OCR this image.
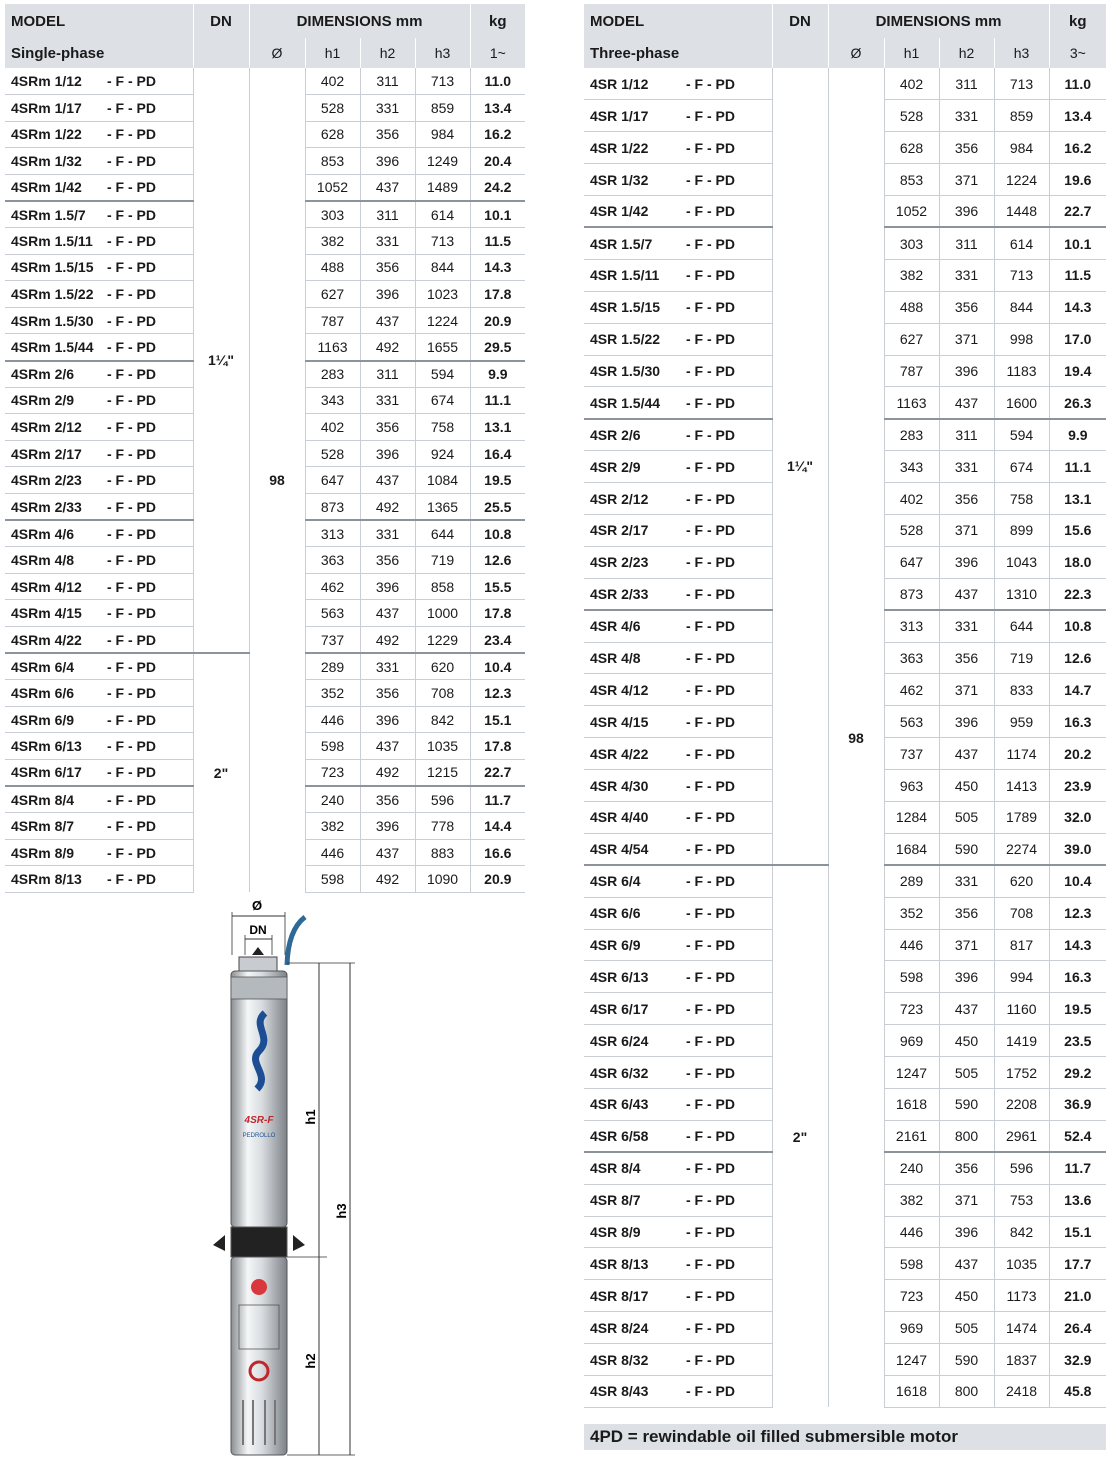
MODEL	DN	DIMENSIONS mm				kg
Single-phase		Ø	h1	h2	h3	1~
4SRm 1/12 - F - PD	1¼"	98	402	311	713	11.0
4SRm 1/17 - F - PD			528	331	859	13.4
4SRm 1/22 - F - PD			628	356	984	16.2
4SRm 1/32 - F - PD			853	396	1249	20.4
4SRm 1/42 - F - PD			1052	437	1489	24.2
4SRm 1.5/7 - F - PD			303	311	614	10.1
4SRm 1.5/11 - F - PD			382	331	713	11.5
4SRm 1.5/15 - F - PD			488	356	844	14.3
4SRm 1.5/22 - F - PD			627	396	1023	17.8
4SRm 1.5/30 - F - PD			787	437	1224	20.9
4SRm 1.5/44 - F - PD			1163	492	1655	29.5
4SRm 2/6 - F - PD			283	311	594	9.9
4SRm 2/9 - F - PD			343	331	674	11.1
4SRm 2/12 - F - PD			402	356	758	13.1
4SRm 2/17 - F - PD			528	396	924	16.4
4SRm 2/23 - F - PD			647	437	1084	19.5
4SRm 2/33 - F - PD			873	492	1365	25.5
4SRm 4/6 - F - PD			313	331	644	10.8
4SRm 4/8 - F - PD			363	356	719	12.6
4SRm 4/12 - F - PD			462	396	858	15.5
4SRm 4/15 - F - PD			563	437	1000	17.8
4SRm 4/22 - F - PD			737	492	1229	23.4
4SRm 6/4 - F - PD	2"		289	331	620	10.4
4SRm 6/6 - F - PD			352	356	708	12.3
4SRm 6/9 - F - PD			446	396	842	15.1
4SRm 6/13 - F - PD			598	437	1035	17.8
4SRm 6/17 - F - PD			723	492	1215	22.7
4SRm 8/4 - F - PD			240	356	596	11.7
4SRm 8/7 - F - PD			382	396	778	14.4
4SRm 8/9 - F - PD			446	437	883	16.6
4SRm 8/13 - F - PD			598	492	1090	20.9
MODEL	DN	DIMENSIONS mm				kg
Three-phase		Ø	h1	h2	h3	3~
4SR 1/12 - F - PD	1¼"	98	402	311	713	11.0
4SR 1/17 - F - PD			528	331	859	13.4
4SR 1/22 - F - PD			628	356	984	16.2
4SR 1/32 - F - PD			853	371	1224	19.6
4SR 1/42 - F - PD			1052	396	1448	22.7
4SR 1.5/7 - F - PD			303	311	614	10.1
4SR 1.5/11 - F - PD			382	331	713	11.5
4SR 1.5/15 - F - PD			488	356	844	14.3
4SR 1.5/22 - F - PD			627	371	998	17.0
4SR 1.5/30 - F - PD			787	396	1183	19.4
4SR 1.5/44 - F - PD			1163	437	1600	26.3
4SR 2/6 - F - PD			283	311	594	9.9
4SR 2/9 - F - PD			343	331	674	11.1
4SR 2/12 - F - PD			402	356	758	13.1
4SR 2/17 - F - PD			528	371	899	15.6
4SR 2/23 - F - PD			647	396	1043	18.0
4SR 2/33 - F - PD			873	437	1310	22.3
4SR 4/6 - F - PD			313	331	644	10.8
4SR 4/8 - F - PD			363	356	719	12.6
4SR 4/12 - F - PD			462	371	833	14.7
4SR 4/15 - F - PD			563	396	959	16.3
4SR 4/22 - F - PD			737	437	1174	20.2
4SR 4/30 - F - PD			963	450	1413	23.9
4SR 4/40 - F - PD			1284	505	1789	32.0
4SR 4/54 - F - PD			1684	590	2274	39.0
4SR 6/4 - F - PD	2"		289	331	620	10.4
4SR 6/6 - F - PD			352	356	708	12.3
4SR 6/9 - F - PD			446	371	817	14.3
4SR 6/13 - F - PD			598	396	994	16.3
4SR 6/17 - F - PD			723	437	1160	19.5
4SR 6/24 - F - PD			969	450	1419	23.5
4SR 6/32 - F - PD			1247	505	1752	29.2
4SR 6/43 - F - PD			1618	590	2208	36.9
4SR 6/58 - F - PD			2161	800	2961	52.4
4SR 8/4 - F - PD			240	356	596	11.7
4SR 8/7 - F - PD			382	371	753	13.6
4SR 8/9 - F - PD			446	396	842	15.1
4SR 8/13 - F - PD			598	437	1035	17.7
4SR 8/17 - F - PD			723	450	1173	21.0
4SR 8/24 - F - PD			969	505	1474	26.4
4SR 8/32 - F - PD			1247	590	1837	32.9
4SR 8/43 - F - PD			1618	800	2418	45.8
4PD = rewindable oil filled submersible motor
Ø
DN
4SR-F
PEDROLLO
h1
h2
h3
